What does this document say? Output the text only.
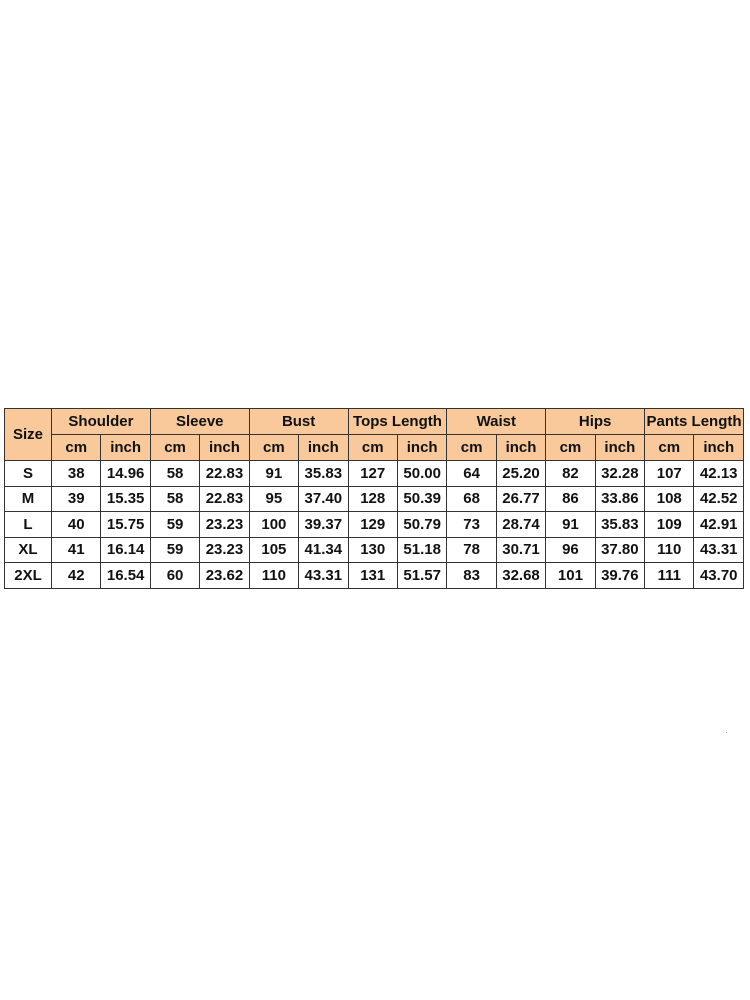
Size	Shoulder		Sleeve		Bust		Tops Length		Waist		Hips		Pants Length	
	cm	inch	cm	inch	cm	inch	cm	inch	cm	inch	cm	inch	cm	inch
S	38	14.96	58	22.83	91	35.83	127	50.00	64	25.20	82	32.28	107	42.13
M	39	15.35	58	22.83	95	37.40	128	50.39	68	26.77	86	33.86	108	42.52
L	40	15.75	59	23.23	100	39.37	129	50.79	73	28.74	91	35.83	109	42.91
XL	41	16.14	59	23.23	105	41.34	130	51.18	78	30.71	96	37.80	110	43.31
2XL	42	16.54	60	23.62	110	43.31	131	51.57	83	32.68	101	39.76	111	43.70
